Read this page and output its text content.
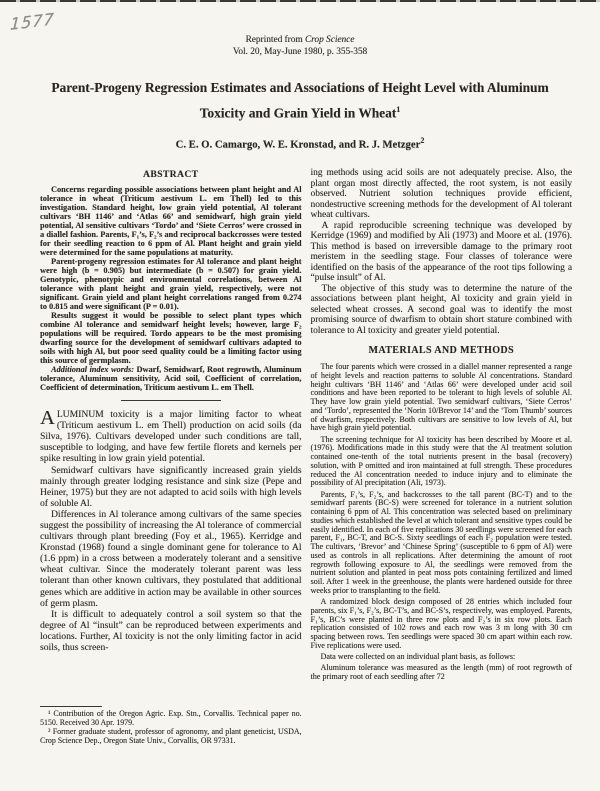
1577
Reprinted from Crop Science
Vol. 20, May-June 1980, p. 355-358
Parent-Progeny Regression Estimates and Associations of Height Level with Aluminum Toxicity and Grain Yield in Wheat$^1$
C. E. O. Camargo, W. E. Kronstad, and R. J. Metzger$^2$
ABSTRACT

Concerns regarding possible associations between plant height and Al tolerance in wheat (Triticum aestivum L. em Thell) led to this investigation. Standard height, low grain yield potential, Al tolerant cultivars ‘BH 1146’ and ‘Atlas 66’ and semidwarf, high grain yield potential, Al sensitive cultivars ‘Tordo’ and ‘Siete Cerros’ were crossed in a diallel fashion. Parents, F₁’s, F₂’s and reciprocal backcrosses were tested for their seedling reaction to 6 ppm of Al. Plant height and grain yield were determined for the same populations at maturity.

Parent-progeny regression estimates for Al tolerance and plant height were high (b = 0.905) but intermediate (b = 0.507) for grain yield. Genotypic, phenotypic and environmental correlations, between Al tolerance with plant height and grain yield, respectively, were not significant. Grain yield and plant height correlations ranged from 0.274 to 0.815 and were significant (P = 0.01).

Results suggest it would be possible to select plant types which combine Al tolerance and semidwarf height levels; however, large F₂ populations will be required. Tordo appears to be the most promising dwarfing source for the development of semidwarf cultivars adapted to soils with high Al, but poor seed quality could be a limiting factor using this source of germplasm.

Additional index words: Dwarf, Semidwarf, Root regrowth, Aluminum tolerance, Aluminum sensitivity, Acid soil, Coefficient of correlation, Coefficient of determination, Triticum aestivum L. em Thell.

ALUMINUM toxicity is a major limiting factor to wheat (Triticum aestivum L. em Thell) production on acid soils (da Silva, 1976). Cultivars developed under such conditions are tall, susceptible to lodging, and have few fertile florets and kernels per spike resulting in low grain yield potential.

Semidwarf cultivars have significantly increased grain yields mainly through greater lodging resistance and sink size (Pepe and Heiner, 1975) but they are not adapted to acid soils with high levels of soluble Al.

Differences in Al tolerance among cultivars of the same species suggest the possibility of increasing the Al tolerance of commercial cultivars through plant breeding (Foy et al., 1965). Kerridge and Kronstad (1968) found a single dominant gene for tolerance to Al (1.6 ppm) in a cross between a moderately tolerant and a sensitive wheat cultivar. Since the moderately tolerant parent was less tolerant than other known cultivars, they postulated that additional genes which are additive in action may be available in other sources of germ plasm.

It is difficult to adequately control a soil system so that the degree of Al “insult” can be reproduced between experiments and locations. Further, Al toxicity is not the only limiting factor in acid soils, thus screen-

¹ Contribution of the Oregon Agric. Exp. Stn., Corvallis. Technical paper no. 5150. Received 30 Apr. 1979.

² Former graduate student, professor of agronomy, and plant geneticist, USDA, Crop Science Dep., Oregon State Univ., Corvallis, OR 97331.

ing methods using acid soils are not adequately precise. Also, the plant organ most directly affected, the root system, is not easily observed. Nutrient solution techniques provide efficient, nondestructive screening methods for the development of Al tolerant wheat cultivars.

A rapid reproducible screening technique was developed by Kerridge (1969) and modified by Ali (1973) and Moore et al. (1976). This method is based on irreversible damage to the primary root meristem in the seedling stage. Four classes of tolerance were identified on the basis of the appearance of the root tips following a “pulse insult” of Al.

The objective of this study was to determine the nature of the associations between plant height, Al toxicity and grain yield in selected wheat crosses. A second goal was to identify the most promising source of dwarfism to obtain short stature combined with tolerance to Al toxicity and greater yield potential.

MATERIALS AND METHODS

The four parents which were crossed in a diallel manner represented a range of height levels and reaction patterns to soluble Al concentrations. Standard height cultivars ‘BH 1146’ and ‘Atlas 66’ were developed under acid soil conditions and have been reported to be tolerant to high levels of soluble Al. They have low grain yield potential. Two semidwarf cultivars, ‘Siete Cerros’ and ‘Tordo’, represented the ‘Norin 10/Brevor 14’ and the ‘Tom Thumb’ sources of dwarfism, respectively. Both cultivars are sensitive to low levels of Al, but have high grain yield potential.

The screening technique for Al toxicity has been described by Moore et al. (1976). Modifications made in this study were that the Al treatment solution contained one-tenth of the total nutrients present in the basal (recovery) solution, with P omitted and iron maintained at full strength. These procedures reduced the Al concentration needed to induce injury and to eliminate the possibility of Al precipitation (Ali, 1973).

Parents, F₁’s, F₂’s, and backcrosses to the tall parent (BC-T) and to the semidwarf parents (BC-S) were screened for tolerance in a nutrient solution containing 6 ppm of Al. This concentration was selected based on preliminary studies which established the level at which tolerant and sensitive types could be easily identified. In each of five replications 30 seedlings were screened for each parent, F₁, BC-T, and BC-S. Sixty seedlings of each F₂ population were tested. The cultivars, ‘Brevor’ and ‘Chinese Spring’ (susceptible to 6 ppm of Al) were used as controls in all replications. After determining the amount of root regrowth following exposure to Al, the seedlings were removed from the nutrient solution and planted in peat moss pots containing fertilized and limed soil. After 1 week in the greenhouse, the plants were hardened outside for three weeks prior to transplanting to the field.

A randomized block design composed of 28 entries which included four parents, six F₁’s, F₂’s, BC-T’s, and BC-S’s, respectively, was employed. Parents, F₁’s, BC’s were planted in three row plots and F₂’s in six row plots. Each replication consisted of 102 rows and each row was 3 m long with 30 cm spacing between rows. Ten seedlings were spaced 30 cm apart within each row. Five replications were used.

Data were collected on an individual plant basis, as follows:

Aluminum tolerance was measured as the length (mm) of root regrowth of the primary root of each seedling after 72
